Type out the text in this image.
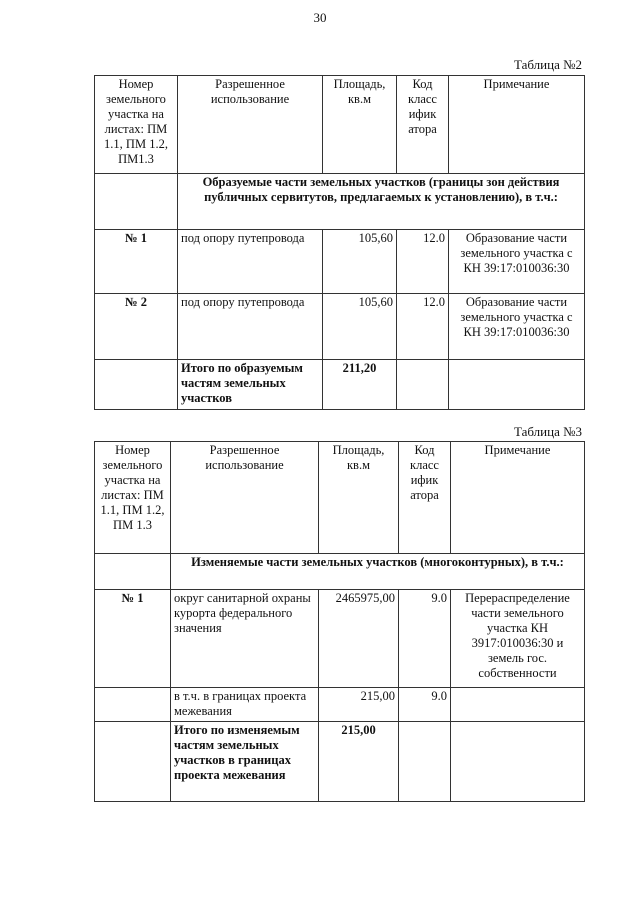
30
Таблица №2
Номер земельного участка на листах: ПМ 1.1, ПМ 1.2, ПМ1.3	Разрешенное использование	Площадь, кв.м	Код класс ифик атора	Примечание
	Образуемые части земельных участков (границы зон действия публичных сервитутов, предлагаемых к установлению), в т.ч.:			
№ 1	под опору путепровода	105,60	12.0	Образование части земельного участка с КН 39:17:010036:30
№ 2	под опору путепровода	105,60	12.0	Образование части земельного участка с КН 39:17:010036:30
	Итого по образуемым частям земельных участков	211,20		
Таблица №3
Номер земельного участка на листах: ПМ 1.1, ПМ 1.2, ПМ 1.3	Разрешенное использование	Площадь, кв.м	Код класс ифик атора	Примечание
	Изменяемые части земельных участков (многоконтурных), в т.ч.:			
№ 1	округ санитарной охраны курорта федерального значения	2465975,00	9.0	Перераспределение части земельного участка КН 3917:010036:30 и земель гос. собственности
	в т.ч. в границах проекта межевания	215,00	9.0	
	Итого по изменяемым частям земельных участков в границах проекта межевания	215,00		
